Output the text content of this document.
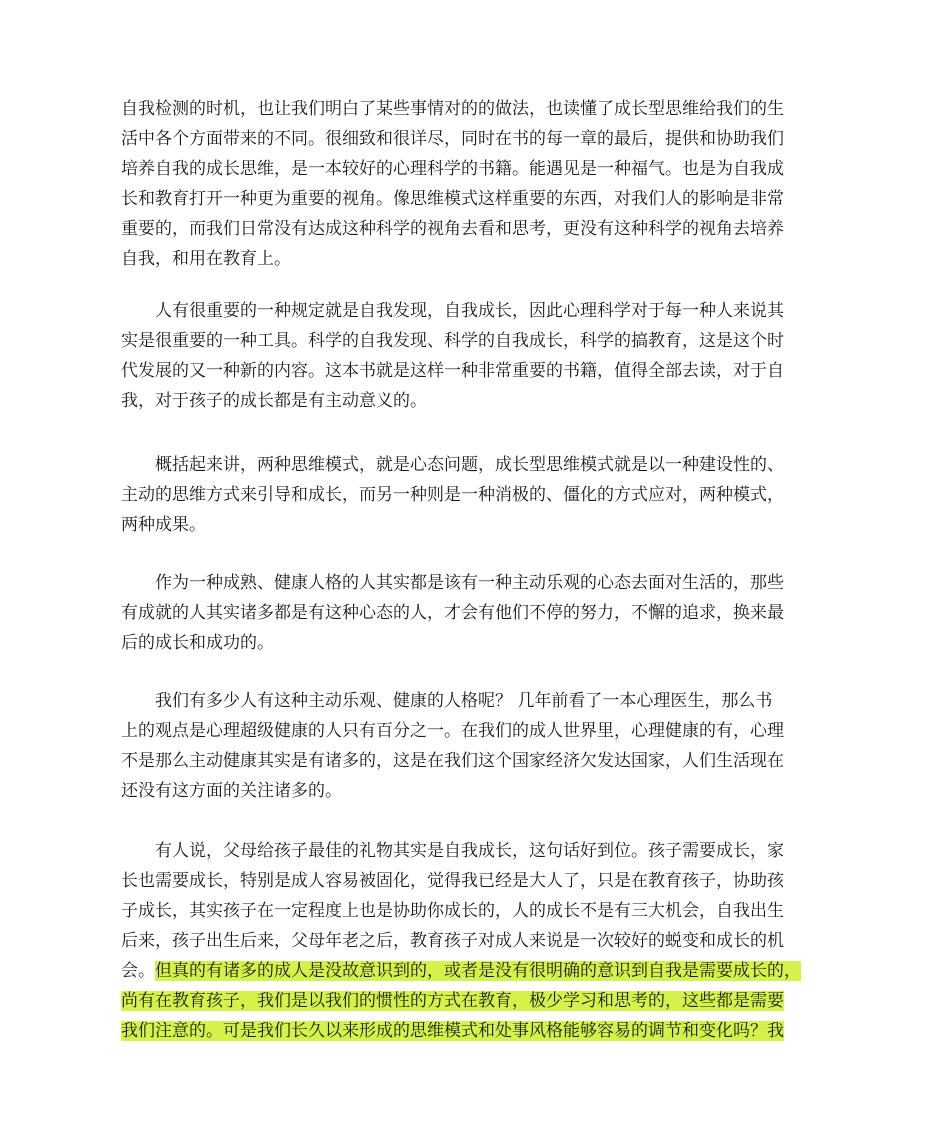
自我检测的时机，也让我们明白了某些事情对的的做法，也读懂了成长型思维给我们的生
活中各个方面带来的不同。很细致和很详尽，同时在书的每一章的最后，提供和协助我们
培养自我的成长思维，是一本较好的心理科学的书籍。能遇见是一种福气。也是为自我成
长和教育打开一种更为重要的视角。像思维模式这样重要的东西，对我们人的影响是非常
重要的，而我们日常没有达成这种科学的视角去看和思考，更没有这种科学的视角去培养
自我，和用在教育上。
　　人有很重要的一种规定就是自我发现，自我成长，因此心理科学对于每一种人来说其
实是很重要的一种工具。科学的自我发现、科学的自我成长，科学的搞教育，这是这个时
代发展的又一种新的内容。这本书就是这样一种非常重要的书籍，值得全部去读，对于自
我，对于孩子的成长都是有主动意义的。
　　概括起来讲，两种思维模式，就是心态问题，成长型思维模式就是以一种建设性的、
主动的思维方式来引导和成长，而另一种则是一种消极的、僵化的方式应对，两种模式，
两种成果。
　　作为一种成熟、健康人格的人其实都是该有一种主动乐观的心态去面对生活的，那些
有成就的人其实诸多都是有这种心态的人，才会有他们不停的努力，不懈的追求，换来最
后的成长和成功的。
　　我们有多少人有这种主动乐观、健康的人格呢？ 几年前看了一本心理医生，那么书
上的观点是心理超级健康的人只有百分之一。在我们的成人世界里，心理健康的有，心理
不是那么主动健康其实是有诸多的，这是在我们这个国家经济欠发达国家，人们生活现在
还没有这方面的关注诸多的。
　　有人说，父母给孩子最佳的礼物其实是自我成长，这句话好到位。孩子需要成长，家
长也需要成长，特别是成人容易被固化，觉得我已经是大人了，只是在教育孩子，协助孩
子成长，其实孩子在一定程度上也是协助你成长的，人的成长不是有三大机会，自我出生
后来，孩子出生后来，父母年老之后，教育孩子对成人来说是一次较好的蜕变和成长的机
会。但真的有诸多的成人是没故意识到的，或者是没有很明确的意识到自我是需要成长的，
尚有在教育孩子，我们是以我们的惯性的方式在教育，极少学习和思考的，这些都是需要
我们注意的。可是我们长久以来形成的思维模式和处事风格能够容易的调节和变化吗？我
